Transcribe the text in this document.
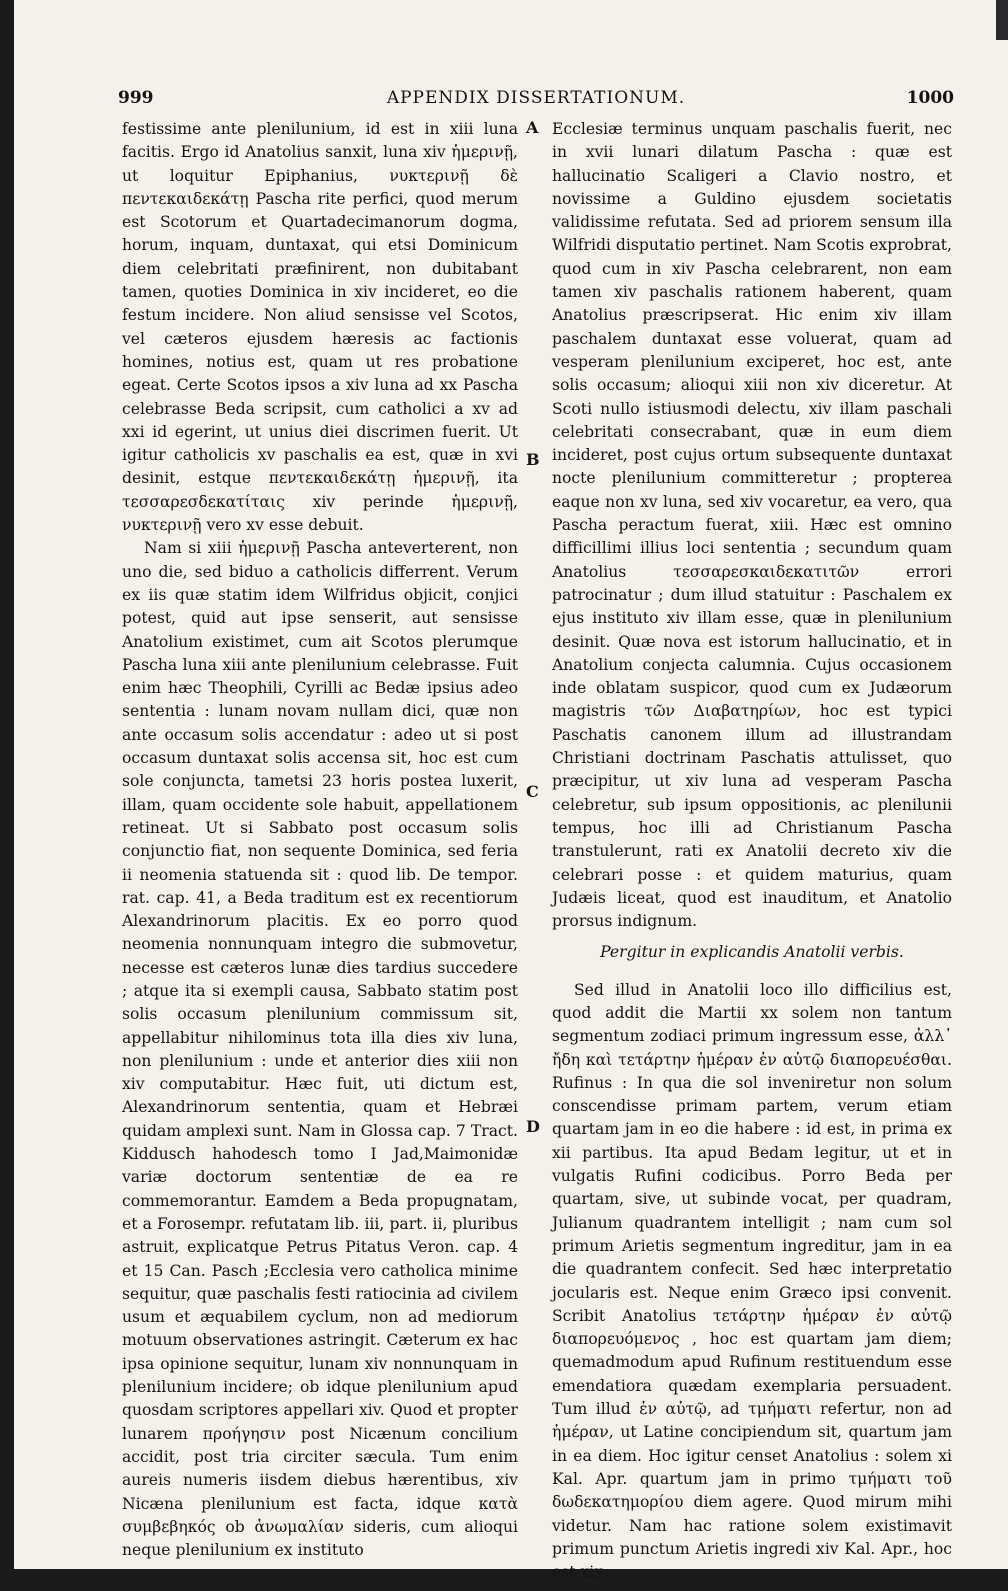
999	APPENDIX DISSERTATIONUM.	1000

festissime ante plenilunium, id est in xiii luna facitis. Ergo id Anatolius sanxit, luna xiv ἡμερινῇ, ut loquitur Epiphanius, νυκτερινῇ δὲ πεντεκαιδεκάτῃ Pascha rite perfici, quod merum est Scotorum et Quartadecimanorum dogma, horum, inquam, duntaxat, qui etsi Dominicum diem celebritati præfinirent, non dubitabant tamen, quoties Dominica in xiv incideret, eo die festum incidere. Non aliud sensisse vel Scotos, vel cæteros ejusdem hæresis ac factionis homines, notius est, quam ut res probatione egeat. Certe Scotos ipsos a xiv luna ad xx Pascha celebrasse Beda scripsit, cum catholici a xv ad xxi id egerint, ut unius diei discrimen fuerit. Ut igitur catholicis xv paschalis ea est, quæ in xvi desinit, estque πεντεκαιδεκάτῃ ἡμερινῇ, ita τεσσαρεσδεκατίταις xiv perinde ἡμερινῇ, νυκτερινῇ vero xv esse debuit.

Nam si xiii ἡμερινῇ Pascha anteverterent, non uno die, sed biduo a catholicis differrent. Verum ex iis quæ statim idem Wilfridus objicit, conjici potest, quid aut ipse senserit, aut sensisse Anatolium existimet, cum ait Scotos plerumque Pascha luna xiii ante plenilunium celebrasse. Fuit enim hæc Theophili, Cyrilli ac Bedæ ipsius adeo sententia : lunam novam nullam dici, quæ non ante occasum solis accendatur : adeo ut si post occasum duntaxat solis accensa sit, hoc est cum sole conjuncta, tametsi 23 horis postea luxerit, illam, quam occidente sole habuit, appellationem retineat. Ut si Sabbato post occasum solis conjunctio fiat, non sequente Dominica, sed feria ii neomenia statuenda sit : quod lib. De tempor. rat. cap. 41, a Beda traditum est ex recentiorum Alexandrinorum placitis. Ex eo porro quod neomenia nonnunquam integro die submovetur, necesse est cæteros lunæ dies tardius succedere ; atque ita si exempli causa, Sabbato statim post solis occasum plenilunium commissum sit, appellabitur nihilominus tota illa dies xiv luna, non plenilunium : unde et anterior dies xiii non xiv computabitur. Hæc fuit, uti dictum est, Alexandrinorum sententia, quam et Hebræi quidam amplexi sunt. Nam in Glossa cap. 7 Tract. Kiddusch hahodesch tomo I Jad,Maimonidæ variæ doctorum sententiæ de ea re commemorantur. Eamdem a Beda propugnatam, et a Forosempr. refutatam lib. iii, part. ii, pluribus astruit, explicatque Petrus Pitatus Veron. cap. 4 et 15 Can. Pasch ;Ecclesia vero catholica minime sequitur, quæ paschalis festi ratiocinia ad civilem usum et æquabilem cyclum, non ad mediorum motuum observationes astringit. Cæterum ex hac ipsa opinione sequitur, lunam xiv nonnunquam in plenilunium incidere; ob idque plenilunium apud quosdam scriptores appellari xiv. Quod et propter lunarem προήγησιν post Nicænum concilium accidit, post tria circiter sæcula. Tum enim aureis numeris iisdem diebus hærentibus, xiv Nicæna plenilunium est facta, idque κατὰ συμβεβηκός ob ἀνωμαλίαν sideris, cum alioqui neque plenilunium ex instituto

Ecclesiæ terminus unquam paschalis fuerit, nec in xvii lunari dilatum Pascha : quæ est hallucinatio Scaligeri a Clavio nostro, et novissime a Guldino ejusdem societatis validissime refutata. Sed ad priorem sensum illa Wilfridi disputatio pertinet. Nam Scotis exprobrat, quod cum in xiv Pascha celebrarent, non eam tamen xiv paschalis rationem haberent, quam Anatolius præscripserat. Hic enim xiv illam paschalem duntaxat esse voluerat, quam ad vesperam plenilunium exciperet, hoc est, ante solis occasum; alioqui xiii non xiv diceretur. At Scoti nullo istiusmodi delectu, xiv illam paschali celebritati consecrabant, quæ in eum diem incideret, post cujus ortum subsequente duntaxat nocte plenilunium committeretur ; propterea eaque non xv luna, sed xiv vocaretur, ea vero, qua Pascha peractum fuerat, xiii. Hæc est omnino difficillimi illius loci sententia ; secundum quam Anatolius τεσσαρεσκαιδεκατιτῶν errori patrocinatur ; dum illud statuitur : Paschalem ex ejus instituto xiv illam esse, quæ in plenilunium desinit. Quæ nova est istorum hallucinatio, et in Anatolium conjecta calumnia. Cujus occasionem inde oblatam suspicor, quod cum ex Judæorum magistris τῶν Διαβατηρίων, hoc est typici Paschatis canonem illum ad illustrandam Christiani doctrinam Paschatis attulisset, quo præcipitur, ut xiv luna ad vesperam Pascha celebretur, sub ipsum oppositionis, ac plenilunii tempus, hoc illi ad Christianum Pascha transtulerunt, rati ex Anatolii decreto xiv die celebrari posse : et quidem maturius, quam Judæis liceat, quod est inauditum, et Anatolio prorsus indignum.

Pergitur in explicandis Anatolii verbis.

Sed illud in Anatolii loco illo difficilius est, quod addit die Martii xx solem non tantum segmentum zodiaci primum ingressum esse, ἀλλ᾽ ἤδη καὶ τετάρτην ἡμέραν ἐν αὐτῷ διαπορευέσθαι. Rufinus : In qua die sol inveniretur non solum conscendisse primam partem, verum etiam quartam jam in eo die habere : id est, in prima ex xii partibus. Ita apud Bedam legitur, ut et in vulgatis Rufini codicibus. Porro Beda per quartam, sive, ut subinde vocat, per quadram, Julianum quadrantem intelligit ; nam cum sol primum Arietis segmentum ingreditur, jam in ea die quadrantem confecit. Sed hæc interpretatio jocularis est. Neque enim Græco ipsi convenit. Scribit Anatolius τετάρτην ἡμέραν ἐν αὐτῷ διαπορευόμενος , hoc est quartam jam diem; quemadmodum apud Rufinum restituendum esse emendatiora quædam exemplaria persuadent. Tum illud ἐν αὐτῷ, ad τμήματι refertur, non ad ἡμέραν, ut Latine concipiendum sit, quartum jam in ea diem. Hoc igitur censet Anatolius : solem xi Kal. Apr. quartum jam in primo τμήματι τοῦ δωδεκατημορίου diem agere. Quod mirum mihi videtur. Nam hac ratione solem existimavit primum punctum Arietis ingredi xiv Kal. Apr., hoc est xix

A
B
C
D
